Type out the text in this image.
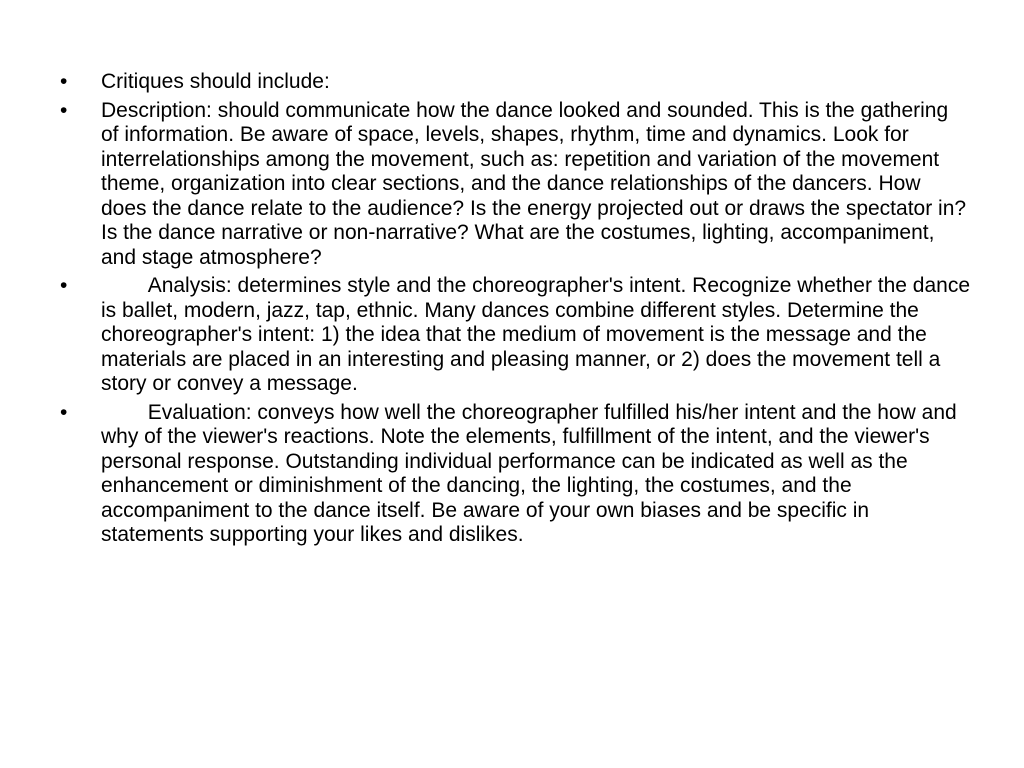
•	Critiques should include:
•	Description: should communicate how the dance looked and sounded. This is the gathering of information. Be aware of space, levels, shapes, rhythm, time and dynamics. Look for interrelationships among the movement, such as: repetition and variation of the movement theme, organization into clear sections, and the dance relationships of the dancers. How does the dance relate to the audience? Is the energy projected out or draws the spectator in? Is the dance narrative or non-narrative? What are the costumes, lighting, accompaniment, and stage atmosphere?
•		Analysis: determines style and the choreographer's intent. Recognize whether the dance is ballet, modern, jazz, tap, ethnic. Many dances combine different styles. Determine the choreographer's intent: 1) the idea that the medium of movement is the message and the materials are placed in an interesting and pleasing manner, or 2) does the movement tell a story or convey a message.
•		Evaluation: conveys how well the choreographer fulfilled his/her intent and the how and why of the viewer's reactions. Note the elements, fulfillment of the intent, and the viewer's personal response. Outstanding individual performance can be indicated as well as the enhancement or diminishment of the dancing, the lighting, the costumes, and the accompaniment to the dance itself. Be aware of your own biases and be specific in statements supporting your likes and dislikes.
